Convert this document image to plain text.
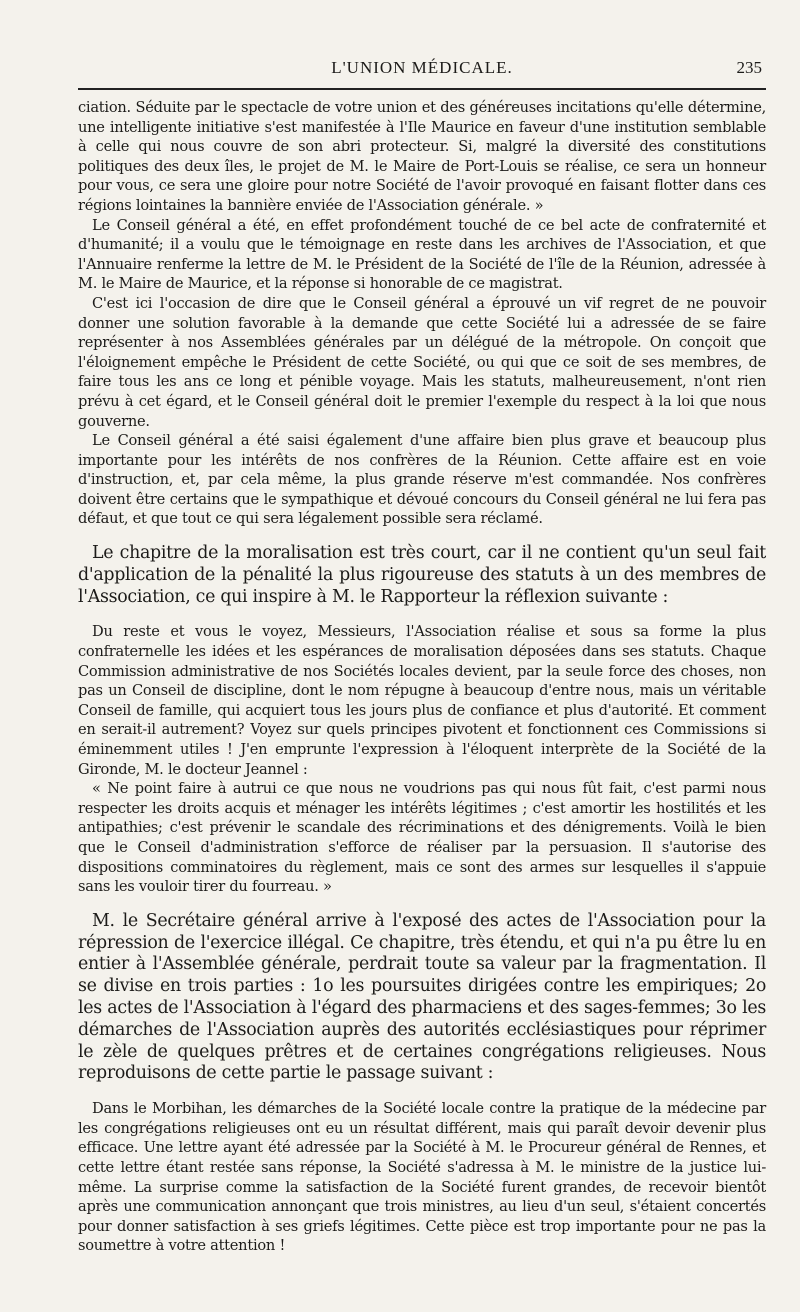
L'UNION MÉDICALE.	235

ciation. Séduite par le spectacle de votre union et des généreuses incitations qu'elle détermine, une intelligente initiative s'est manifestée à l'Ile Maurice en faveur d'une institution semblable à celle qui nous couvre de son abri protecteur. Si, malgré la diversité des constitutions politiques des deux îles, le projet de M. le Maire de Port-Louis se réalise, ce sera un honneur pour vous, ce sera une gloire pour notre Société de l'avoir provoqué en faisant flotter dans ces régions lointaines la bannière enviée de l'Association générale. »

Le Conseil général a été, en effet profondément touché de ce bel acte de confraternité et d'humanité; il a voulu que le témoignage en reste dans les archives de l'Association, et que l'Annuaire renferme la lettre de M. le Président de la Société de l'île de la Réunion, adressée à M. le Maire de Maurice, et la réponse si honorable de ce magistrat.

C'est ici l'occasion de dire que le Conseil général a éprouvé un vif regret de ne pouvoir donner une solution favorable à la demande que cette Société lui a adressée de se faire représenter à nos Assemblées générales par un délégué de la métropole. On conçoit que l'éloignement empêche le Président de cette Société, ou qui que ce soit de ses membres, de faire tous les ans ce long et pénible voyage. Mais les statuts, malheureusement, n'ont rien prévu à cet égard, et le Conseil général doit le premier l'exemple du respect à la loi que nous gouverne.

Le Conseil général a été saisi également d'une affaire bien plus grave et beaucoup plus importante pour les intérêts de nos confrères de la Réunion. Cette affaire est en voie d'instruction, et, par cela même, la plus grande réserve m'est commandée. Nos confrères doivent être certains que le sympathique et dévoué concours du Conseil général ne lui fera pas défaut, et que tout ce qui sera légalement possible sera réclamé.

Le chapitre de la moralisation est très court, car il ne contient qu'un seul fait d'application de la pénalité la plus rigoureuse des statuts à un des membres de l'Association, ce qui inspire à M. le Rapporteur la réflexion suivante :

Du reste et vous le voyez, Messieurs, l'Association réalise et sous sa forme la plus confraternelle les idées et les espérances de moralisation déposées dans ses statuts. Chaque Commission administrative de nos Sociétés locales devient, par la seule force des choses, non pas un Conseil de discipline, dont le nom répugne à beaucoup d'entre nous, mais un véritable Conseil de famille, qui acquiert tous les jours plus de confiance et plus d'autorité. Et comment en serait-il autrement? Voyez sur quels principes pivotent et fonctionnent ces Commissions si éminemment utiles ! J'en emprunte l'expression à l'éloquent interprète de la Société de la Gironde, M. le docteur Jeannel :

« Ne point faire à autrui ce que nous ne voudrions pas qui nous fût fait, c'est parmi nous respecter les droits acquis et ménager les intérêts légitimes ; c'est amortir les hostilités et les antipathies; c'est prévenir le scandale des récriminations et des dénigrements. Voilà le bien que le Conseil d'administration s'efforce de réaliser par la persuasion. Il s'autorise des dispositions comminatoires du règlement, mais ce sont des armes sur lesquelles il s'appuie sans les vouloir tirer du fourreau. »

M. le Secrétaire général arrive à l'exposé des actes de l'Association pour la répression de l'exercice illégal. Ce chapitre, très étendu, et qui n'a pu être lu en entier à l'Assemblée générale, perdrait toute sa valeur par la fragmentation. Il se divise en trois parties : 1o les poursuites dirigées contre les empiriques; 2o les actes de l'Association à l'égard des pharmaciens et des sages-femmes; 3o les démarches de l'Association auprès des autorités ecclésiastiques pour réprimer le zèle de quelques prêtres et de certaines congrégations religieuses. Nous reproduisons de cette partie le passage suivant :

Dans le Morbihan, les démarches de la Société locale contre la pratique de la médecine par les congrégations religieuses ont eu un résultat différent, mais qui paraît devoir devenir plus efficace. Une lettre ayant été adressée par la Société à M. le Procureur général de Rennes, et cette lettre étant restée sans réponse, la Société s'adressa à M. le ministre de la justice lui-même. La surprise comme la satisfaction de la Société furent grandes, de recevoir bientôt après une communication annonçant que trois ministres, au lieu d'un seul, s'étaient concertés pour donner satisfaction à ses griefs légitimes. Cette pièce est trop importante pour ne pas la soumettre à votre attention !
